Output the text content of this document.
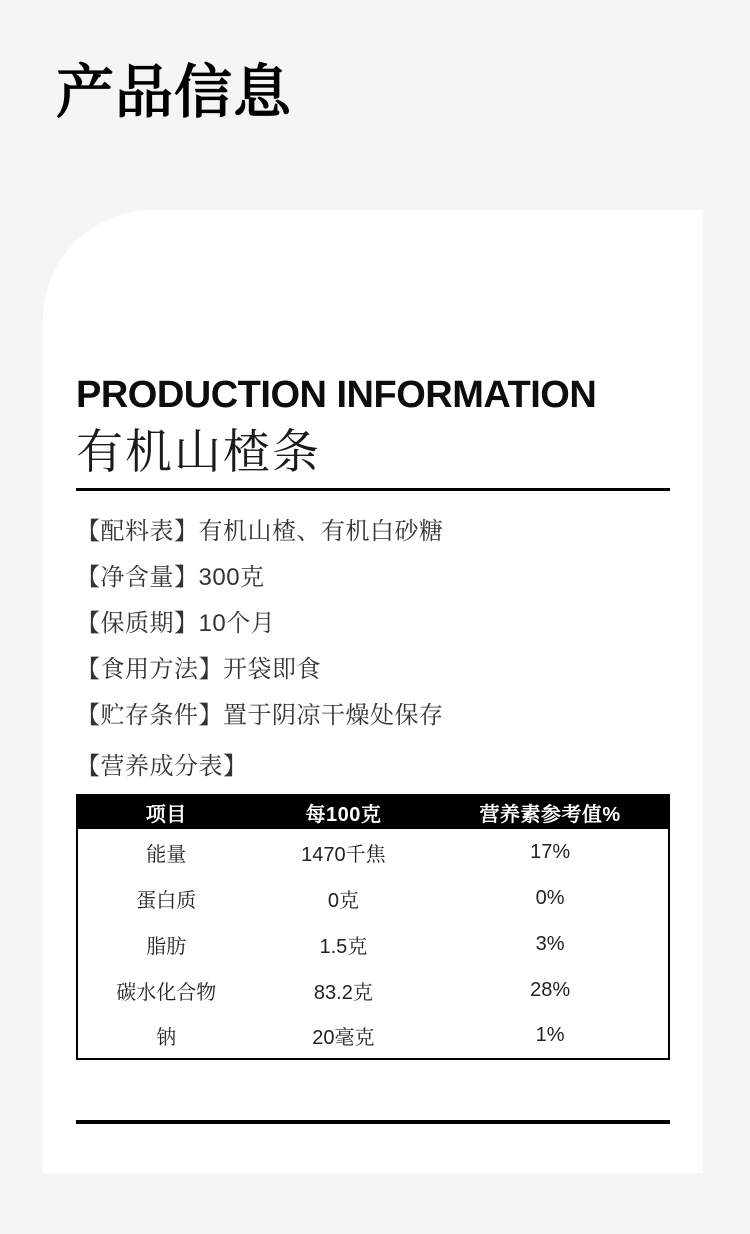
产品信息
PRODUCTION INFORMATION
有机山楂条

【配料表】有机山楂、有机白砂糖

【净含量】300克

【保质期】10个月

【食用方法】开袋即食

【贮存条件】置于阴凉干燥处保存

【营养成分表】

项目	每100克	营养素参考值%
能量	1470千焦	17%
蛋白质	0克	0%
脂肪	1.5克	3%
碳水化合物	83.2克	28%
钠	20毫克	1%
